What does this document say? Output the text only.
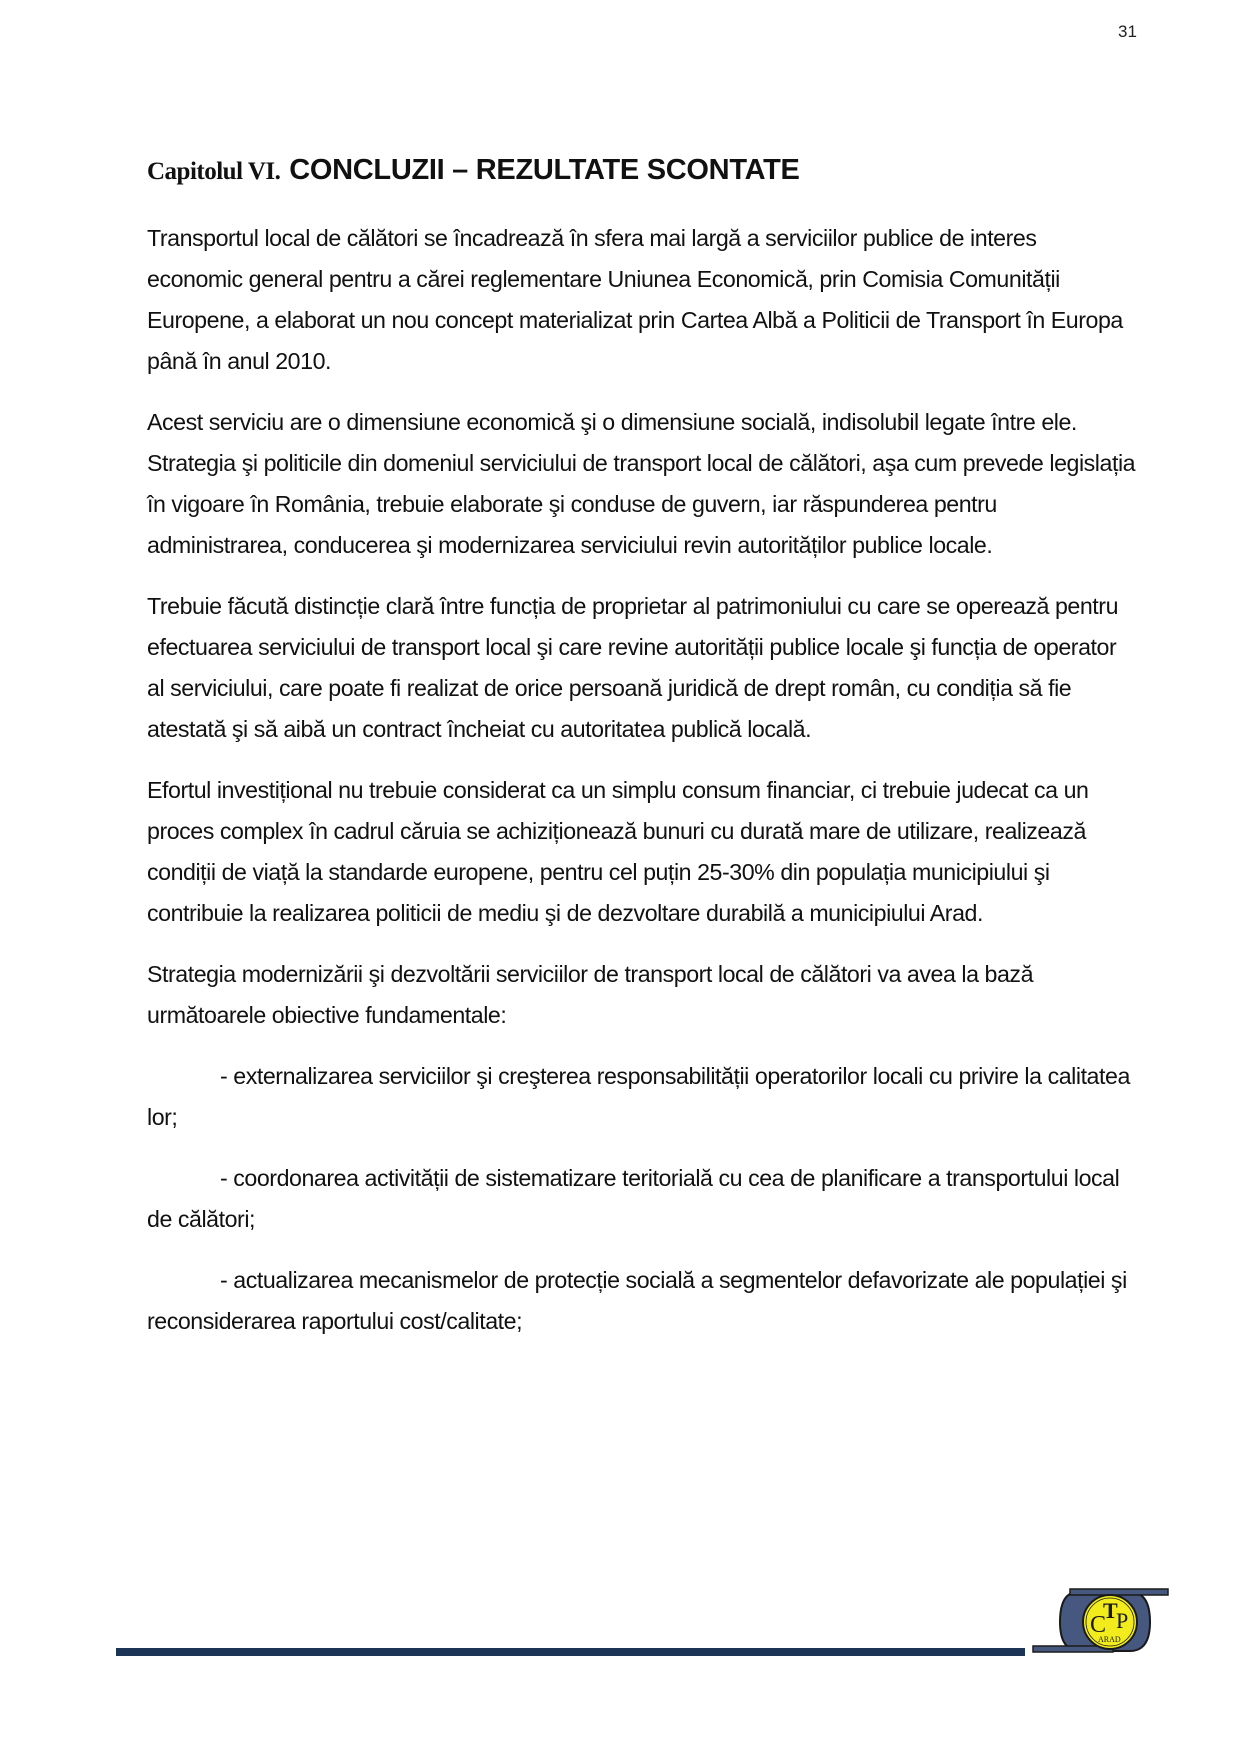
31
Capitolul VI. CONCLUZII – REZULTATE SCONTATE

Transportul local de călători se încadrează în sfera mai largă a serviciilor publice de interes economic general pentru a cărei reglementare Uniunea Economică, prin Comisia Comunității Europene, a elaborat un nou concept materializat prin Cartea Albă a Politicii de Transport în Europa până în anul 2010.

Acest serviciu are o dimensiune economică şi o dimensiune socială, indisolubil legate între ele. Strategia şi politicile din domeniul serviciului de transport local de călători, aşa cum prevede legislația în vigoare în România, trebuie elaborate şi conduse de guvern, iar răspunderea pentru administrarea, conducerea şi modernizarea serviciului revin autorităților publice locale.

Trebuie făcută distincție clară între funcția de proprietar al patrimoniului cu care se operează pentru efectuarea serviciului de transport local şi care revine autorității publice locale şi funcția de operator al serviciului, care poate fi realizat de orice persoană juridică de drept român, cu condiția să fie atestată şi să aibă un contract încheiat cu autoritatea publică locală.

Efortul investițional nu trebuie considerat ca un simplu consum financiar, ci trebuie judecat ca un proces complex în cadrul căruia se achiziționează bunuri cu durată mare de utilizare, realizează condiții de viață la standarde europene, pentru cel puțin 25-30% din populația municipiului şi contribuie la realizarea politicii de mediu şi de dezvoltare durabilă a municipiului Arad.

Strategia modernizării şi dezvoltării serviciilor de transport local de călători va avea la bază următoarele obiective fundamentale:

- externalizarea serviciilor şi creşterea responsabilității operatorilor locali cu privire la calitatea lor;

- coordonarea activității de sistematizare teritorială cu cea de planificare a transportului local de călători;

- actualizarea mecanismelor de protecție socială a segmentelor defavorizate ale populației şi reconsiderarea raportului cost/calitate;

C
T
P
ARAD
